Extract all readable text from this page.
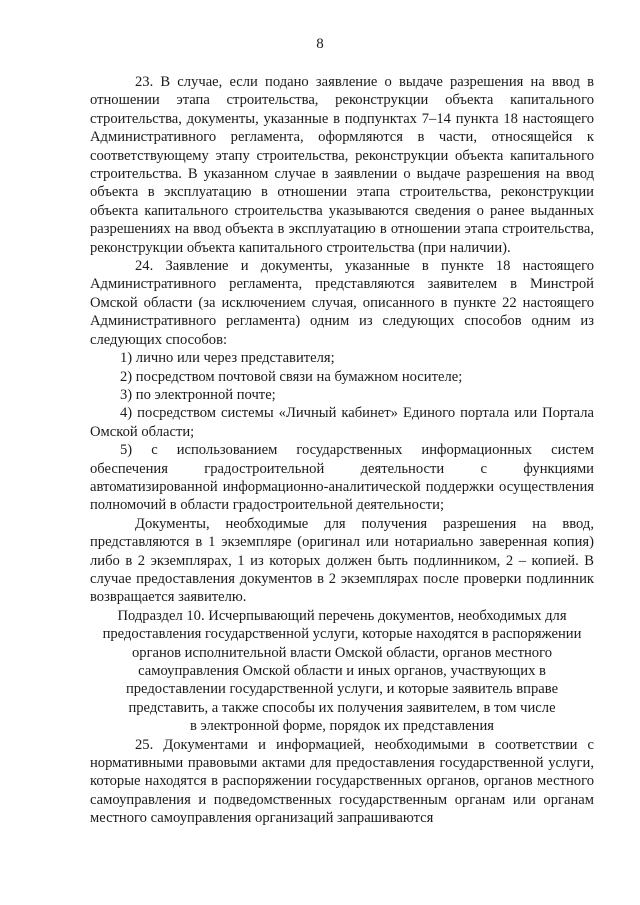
8

23. В случае, если подано заявление о выдаче разрешения на ввод в отношении этапа строительства, реконструкции объекта капитального строительства, документы, указанные в подпунктах 7–14 пункта 18 настоящего Административного регламента, оформляются в части, относящейся к соответствующему этапу строительства, реконструкции объекта капитального строительства. В указанном случае в заявлении о выдаче разрешения на ввод объекта в эксплуатацию в отношении этапа строительства, реконструкции объекта капитального строительства указываются сведения о ранее выданных разрешениях на ввод объекта в эксплуатацию в отношении этапа строительства, реконструкции объекта капитального строительства (при наличии).

24. Заявление и документы, указанные в пункте 18 настоящего Административного регламента, представляются заявителем в Минстрой Омской области (за исключением случая, описанного в пункте 22 настоящего Административного регламента) одним из следующих способов одним из следующих способов:

1) лично или через представителя;

2) посредством почтовой связи на бумажном носителе;

3) по электронной почте;

4) посредством системы «Личный кабинет» Единого портала или Портала Омской области;

5) с использованием государственных информационных систем обеспечения градостроительной деятельности с функциями автоматизированной информационно-аналитической поддержки осуществления полномочий в области градостроительной деятельности;

Документы, необходимые для получения разрешения на ввод, представляются в 1 экземпляре (оригинал или нотариально заверенная копия) либо в 2 экземплярах, 1 из которых должен быть подлинником, 2 – копией. В случае предоставления документов в 2 экземплярах после проверки подлинник возвращается заявителю.

Подраздел 10. Исчерпывающий перечень документов, необходимых для
предоставления государственной услуги, которые находятся в распоряжении
органов исполнительной власти Омской области, органов местного
самоуправления Омской области и иных органов, участвующих в
предоставлении государственной услуги, и которые заявитель вправе
представить, а также способы их получения заявителем, в том числе
в электронной форме, порядок их представления

25. Документами и информацией, необходимыми в соответствии с нормативными правовыми актами для предоставления государственной услуги, которые находятся в распоряжении государственных органов, органов местного самоуправления и подведомственных государственным органам или органам местного самоуправления организаций запрашиваются
